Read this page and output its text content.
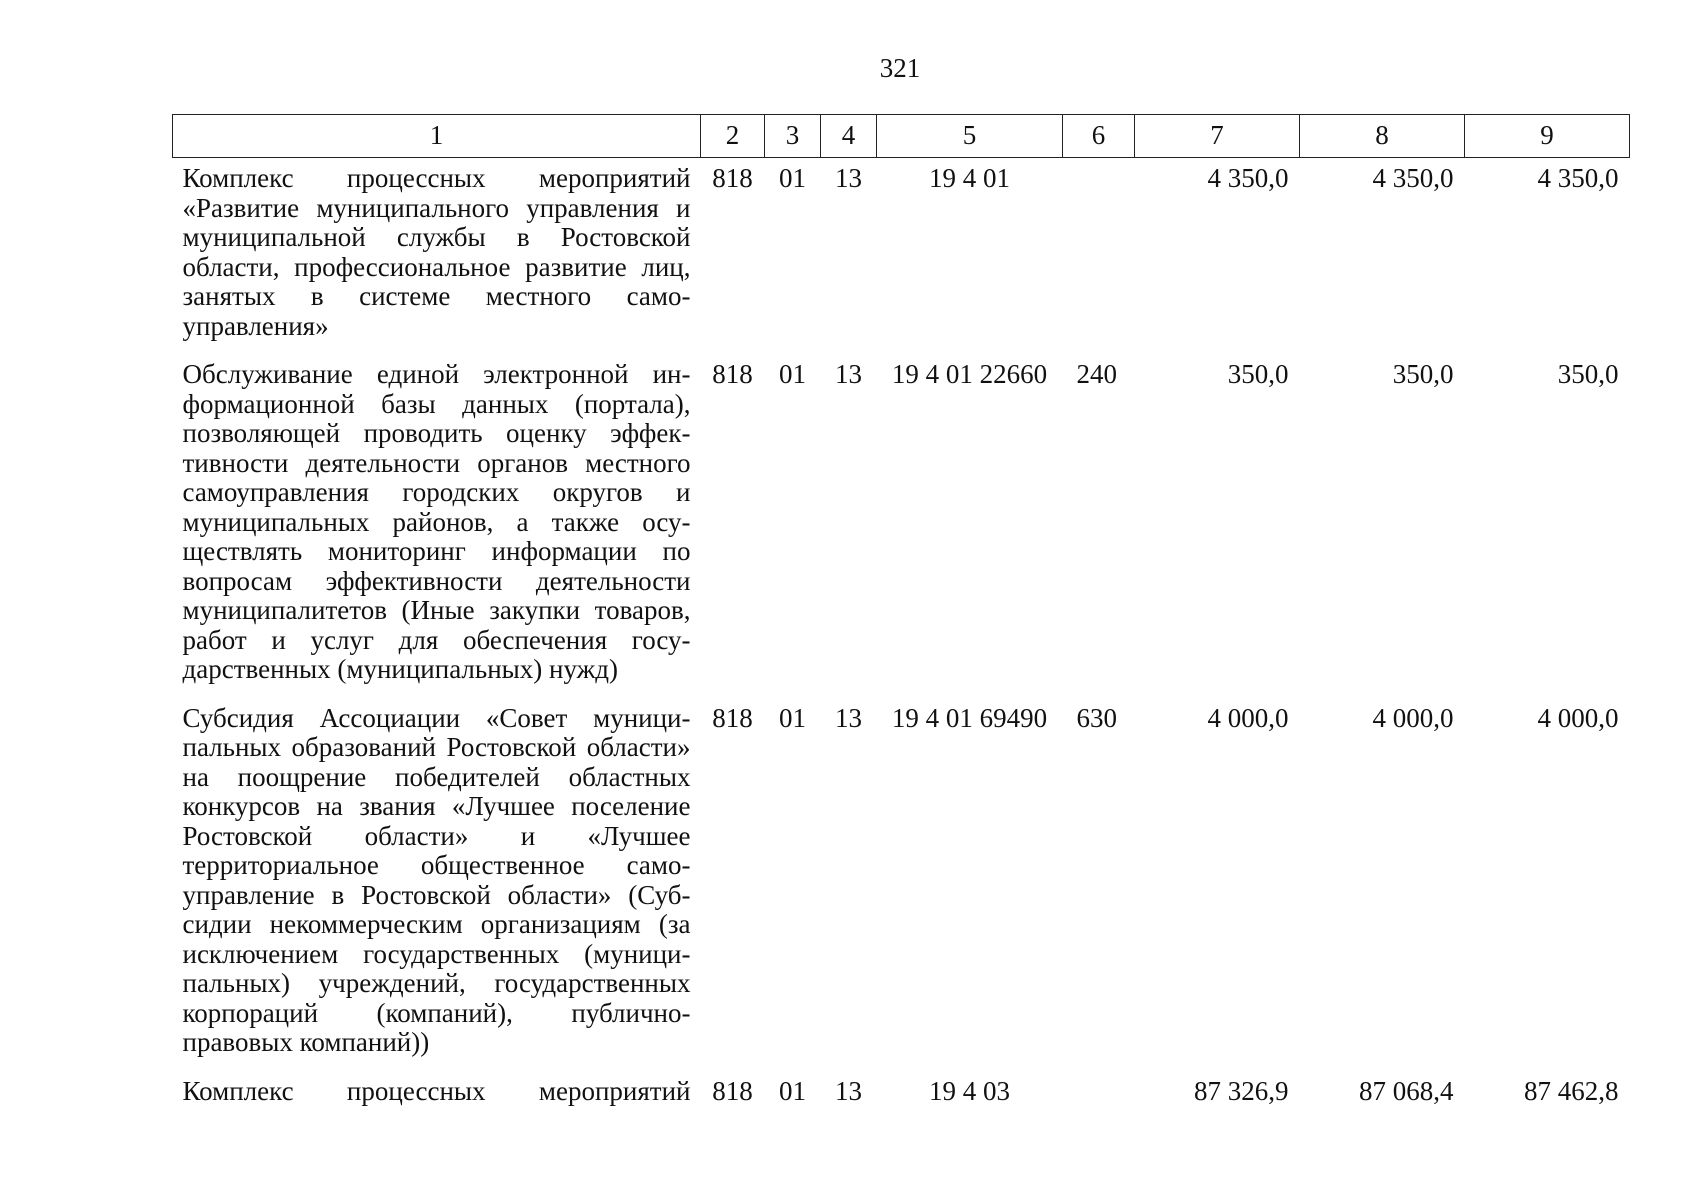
321
1	2	3	4	5	6	7	8	9
Комплекс процессных мероприятий «Развитие муниципального управления и муниципальной службы в Ростовской области, профессиональное развитие лиц, занятых в системе местного самоуправления»	818	01	13	19 4 01		4 350,0	4 350,0	4 350,0
Обслуживание единой электронной информационной базы данных (портала), позволяющей проводить оценку эффективности деятельности органов местного самоуправления городских округов и муниципальных районов, а также осуществлять мониторинг информации по вопросам эффективности деятельности муниципалитетов (Иные закупки товаров, работ и услуг для обеспечения государственных (муниципальных) нужд)	818	01	13	19 4 01 22660	240	350,0	350,0	350,0
Субсидия Ассоциации «Совет муниципальных образований Ростовской области» на поощрение победителей областных конкурсов на звания «Лучшее поселение Ростовской области» и «Лучшее территориальное общественное самоуправление в Ростовской области» (Субсидии некоммерческим организациям (за исключением государственных (муниципальных) учреждений, государственных корпораций (компаний), публично-правовых компаний))	818	01	13	19 4 01 69490	630	4 000,0	4 000,0	4 000,0
Комплекс процессных мероприятий	818	01	13	19 4 03		87 326,9	87 068,4	87 462,8
